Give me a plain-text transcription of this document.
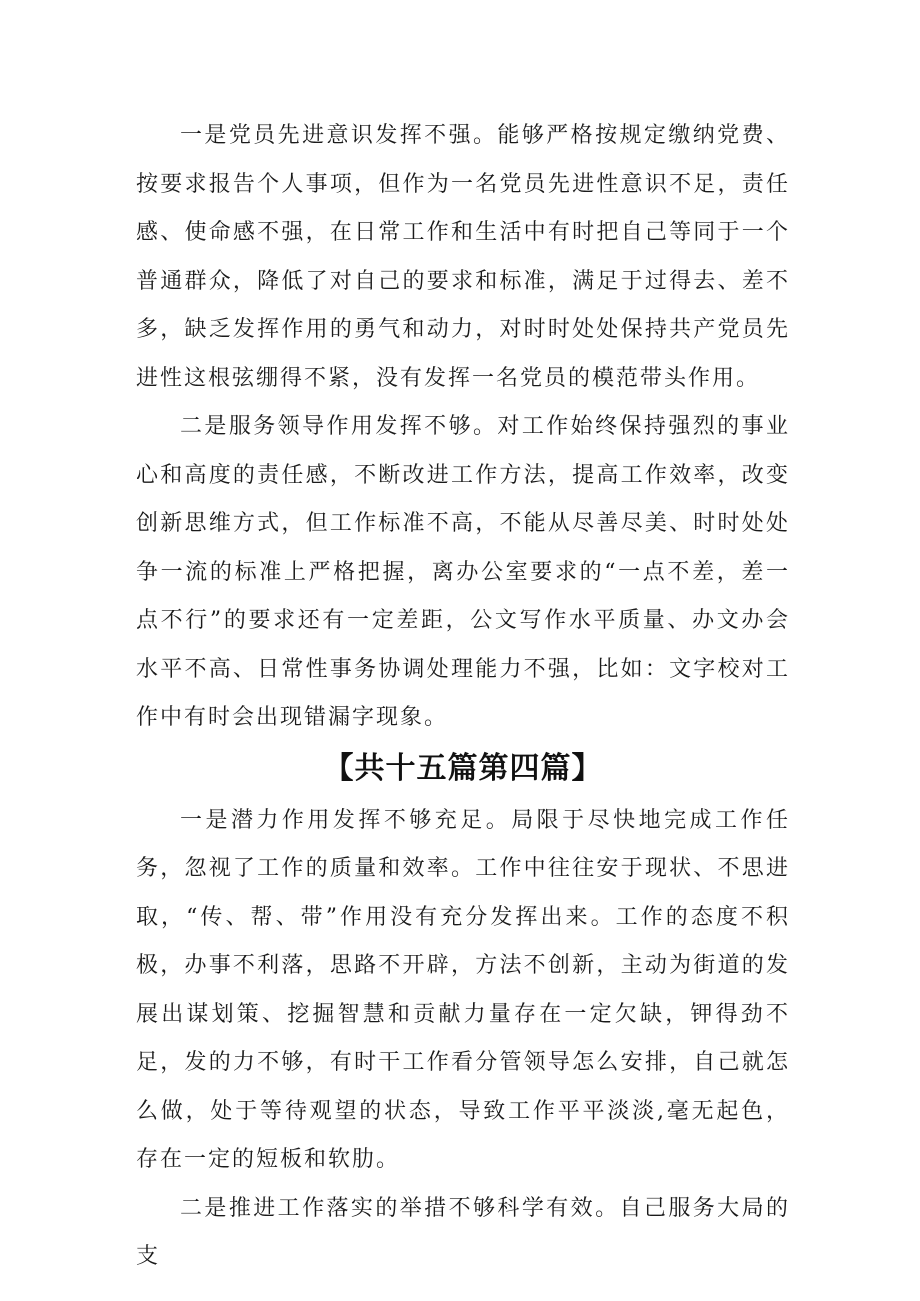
一是党员先进意识发挥不强。能够严格按规定缴纳党费、按要求报告个人事项，但作为一名党员先进性意识不足，责任感、使命感不强，在日常工作和生活中有时把自己等同于一个普通群众，降低了对自己的要求和标准，满足于过得去、差不多，缺乏发挥作用的勇气和动力，对时时处处保持共产党员先进性这根弦绷得不紧，没有发挥一名党员的模范带头作用。

二是服务领导作用发挥不够。对工作始终保持强烈的事业心和高度的责任感，不断改进工作方法，提高工作效率，改变创新思维方式，但工作标准不高，不能从尽善尽美、时时处处争一流的标准上严格把握，离办公室要求的“一点不差，差一点不行”的要求还有一定差距，公文写作水平质量、办文办会水平不高、日常性事务协调处理能力不强，比如：文字校对工作中有时会出现错漏字现象。

【共十五篇第四篇】

一是潜力作用发挥不够充足。局限于尽快地完成工作任务，忽视了工作的质量和效率。工作中往往安于现状、不思进取，“传、帮、带”作用没有充分发挥出来。工作的态度不积极，办事不利落，思路不开辟，方法不创新，主动为街道的发展出谋划策、挖掘智慧和贡献力量存在一定欠缺，钾得劲不足，发的力不够，有时干工作看分管领导怎么安排，自己就怎么做，处于等待观望的状态，导致工作平平淡淡,毫无起色，存在一定的短板和软肋。

二是推进工作落实的举措不够科学有效。自己服务大局的支
